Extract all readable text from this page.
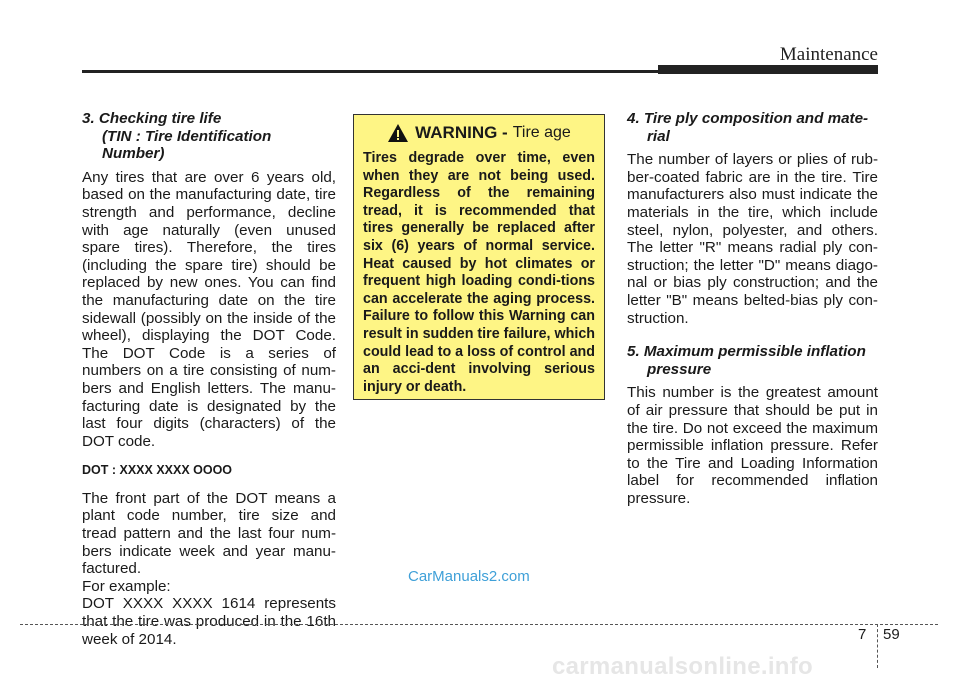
Maintenance

3. Checking tire life
(TIN : Tire Identification
Number)

Any tires that are over 6 years old, based on the manufacturing date, tire strength and performance, decline with age naturally (even unused spare tires). Therefore, the tires (including the spare tire) should be replaced by new ones. You can find the manufacturing date on the tire sidewall (possibly on the inside of the wheel), displaying the DOT Code. The DOT Code is a series of numbers on a tire consisting of num-bers and English letters. The manu-facturing date is designated by the last four digits (characters) of the DOT code.

DOT : XXXX XXXX OOOO

The front part of the DOT means a plant code number, tire size and tread pattern and the last four num-bers indicate week and year manu-factured.

For example:

DOT XXXX XXXX 1614 represents that the tire was produced in the 16th week of 2014.

WARNING - Tire age

Tires degrade over time, even when they are not being used. Regardless of the remaining tread, it is recommended that tires generally be replaced after six (6) years of normal service. Heat caused by hot climates or frequent high loading condi-tions can accelerate the aging process. Failure to follow this Warning can result in sudden tire failure, which could lead to a loss of control and an acci-dent involving serious injury or death.

4. Tire ply composition and mate-
rial

The number of layers or plies of rub-ber-coated fabric are in the tire. Tire manufacturers also must indicate the materials in the tire, which include steel, nylon, polyester, and others. The letter "R" means radial ply con-struction; the letter "D" means diago-nal or bias ply construction; and the letter "B" means belted-bias ply con-struction.

5. Maximum permissible inflation
pressure

This number is the greatest amount of air pressure that should be put in the tire. Do not exceed the maximum permissible inflation pressure. Refer to the Tire and Loading Information label for recommended inflation pressure.

CarManuals2.com
7 59
carmanualsonline.info
